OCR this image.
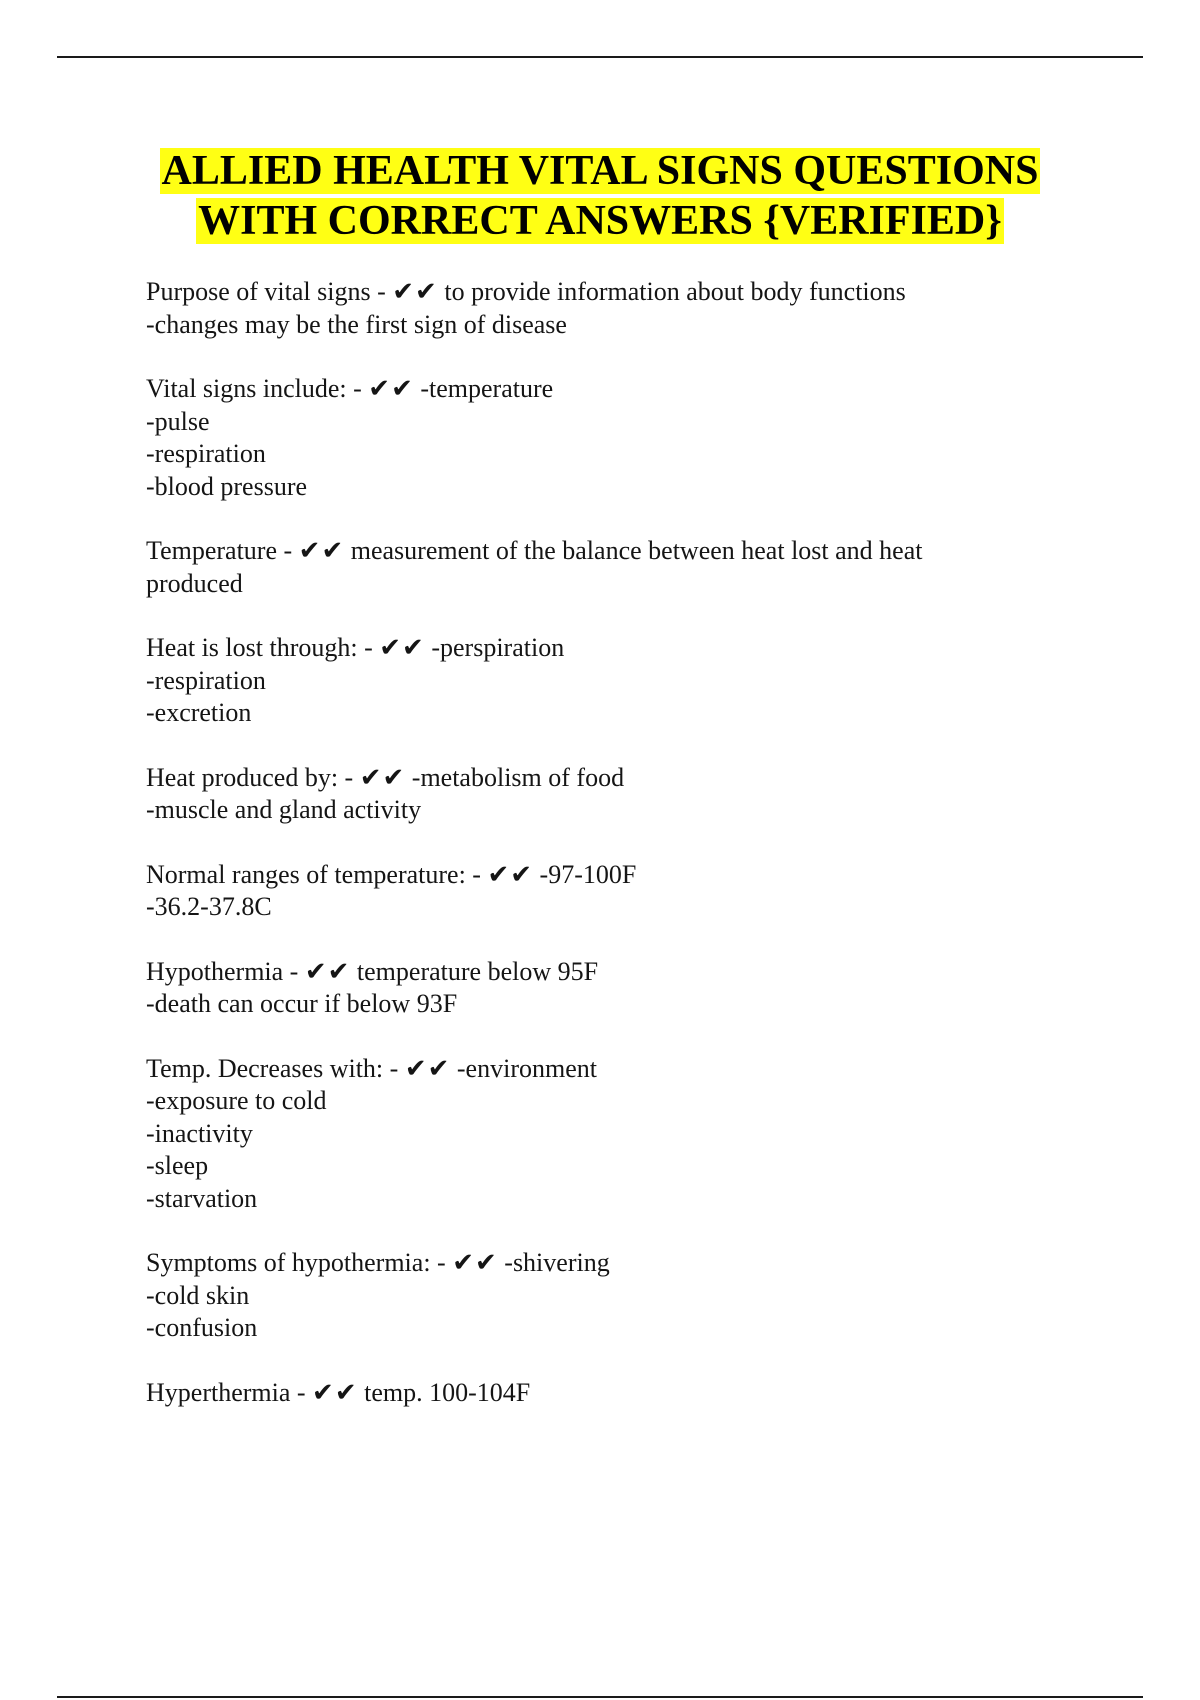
ALLIED HEALTH VITAL SIGNS QUESTIONS
WITH CORRECT ANSWERS {VERIFIED}
Purpose of vital signs - ✔✔ to provide information about body functions
-changes may be the first sign of disease
Vital signs include: - ✔✔ -temperature
-pulse
-respiration
-blood pressure
Temperature - ✔✔ measurement of the balance between heat lost and heat
produced
Heat is lost through: - ✔✔ -perspiration
-respiration
-excretion
Heat produced by: - ✔✔ -metabolism of food
-muscle and gland activity
Normal ranges of temperature: - ✔✔ -97-100F
-36.2-37.8C
Hypothermia - ✔✔ temperature below 95F
-death can occur if below 93F
Temp. Decreases with: - ✔✔ -environment
-exposure to cold
-inactivity
-sleep
-starvation
Symptoms of hypothermia: - ✔✔ -shivering
-cold skin
-confusion
Hyperthermia - ✔✔ temp. 100-104F
